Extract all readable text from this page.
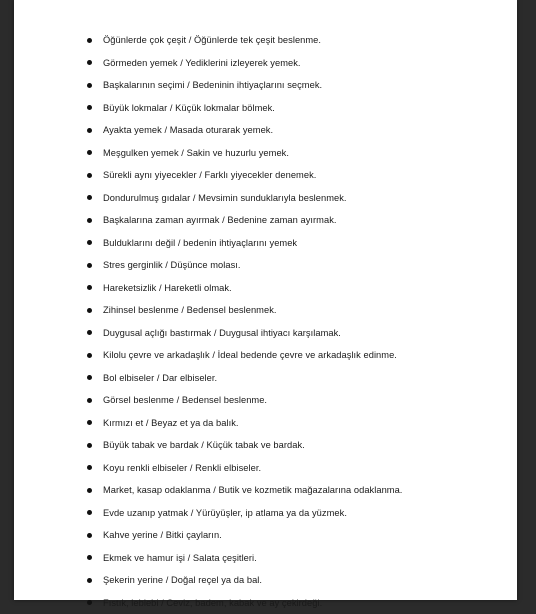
Öğünlerde çok çeşit / Öğünlerde tek çeşit beslenme.
Görmeden yemek / Yediklerini izleyerek yemek.
Başkalarının seçimi / Bedeninin ihtiyaçlarını seçmek.
Büyük lokmalar / Küçük lokmalar bölmek.
Ayakta yemek / Masada oturarak yemek.
Meşgulken yemek / Sakin ve huzurlu yemek.
Sürekli aynı yiyecekler / Farklı yiyecekler denemek.
Dondurulmuş gıdalar / Mevsimin sunduklarıyla beslenmek.
Başkalarına zaman ayırmak / Bedenine zaman ayırmak.
Bulduklarını değil / bedenin ihtiyaçlarını yemek
Stres gerginlik / Düşünce molası.
Hareketsizlik / Hareketli olmak.
Zihinsel beslenme / Bedensel beslenmek.
Duygusal açlığı bastırmak / Duygusal ihtiyacı karşılamak.
Kilolu çevre ve arkadaşlık / İdeal bedende çevre ve arkadaşlık edinme.
Bol elbiseler / Dar elbiseler.
Görsel beslenme / Bedensel beslenme.
Kırmızı et / Beyaz et ya da balık.
Büyük tabak ve bardak / Küçük tabak ve bardak.
Koyu renkli elbiseler / Renkli elbiseler.
Market, kasap odaklanma / Butik ve kozmetik mağazalarına odaklanma.
Evde uzanıp yatmak / Yürüyüşler, ip atlama ya da yüzmek.
Kahve yerine / Bitki çayların.
Ekmek ve hamur işi / Salata çeşitleri.
Şekerin yerine / Doğal reçel ya da bal.
Fıstık, leblebi / Ceviz, badem, kabak ve ay çekirdeği.
